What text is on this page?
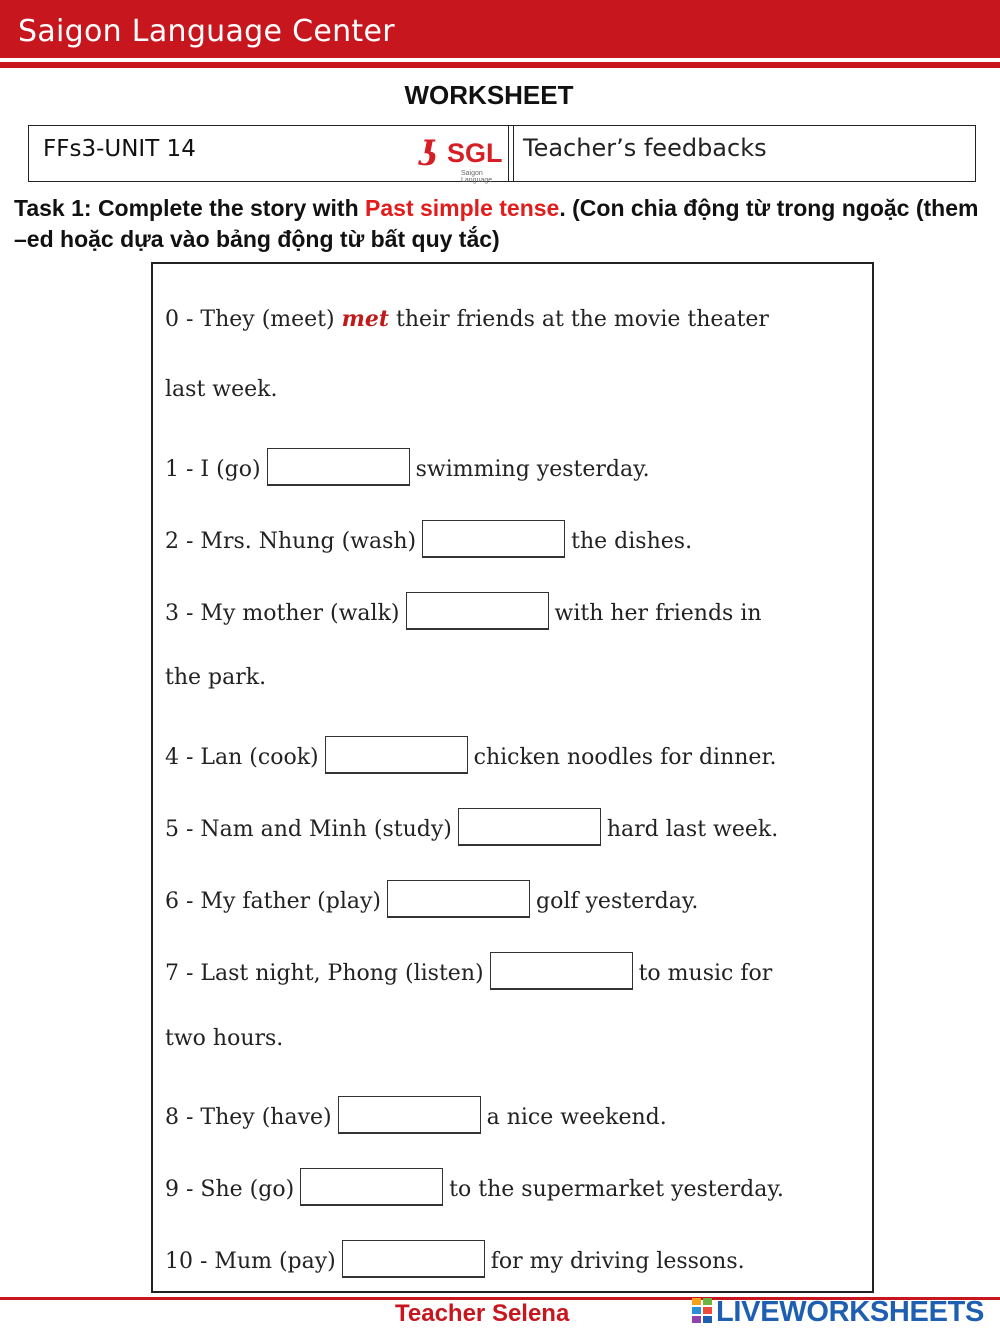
Saigon Language Center
WORKSHEET
FFs3-UNIT 14	ʖ SGL
Saigon Language
Teacher’s feedbacks
Task 1: Complete the story with Past simple tense. (Con chia động từ trong ngoặc (them –ed hoặc dựa vào bảng động từ bất quy tắc)
0 - They (meet) met their friends at the movie theater
last week.
1 - I (go)	swimming yesterday.
2 - Mrs. Nhung (wash)	the dishes.
3 - My mother (walk)	with her friends in
the park.
4 - Lan (cook)	chicken noodles for dinner.
5 - Nam and Minh (study)	hard last week.
6 - My father (play)	golf yesterday.
7 - Last night, Phong (listen)	to music for
two hours.
8 - They (have)	a nice weekend.
9 - She (go)	to the supermarket yesterday.
10 - Mum (pay)	for my driving lessons.
Teacher Selena	LIVEWORKSHEETS
